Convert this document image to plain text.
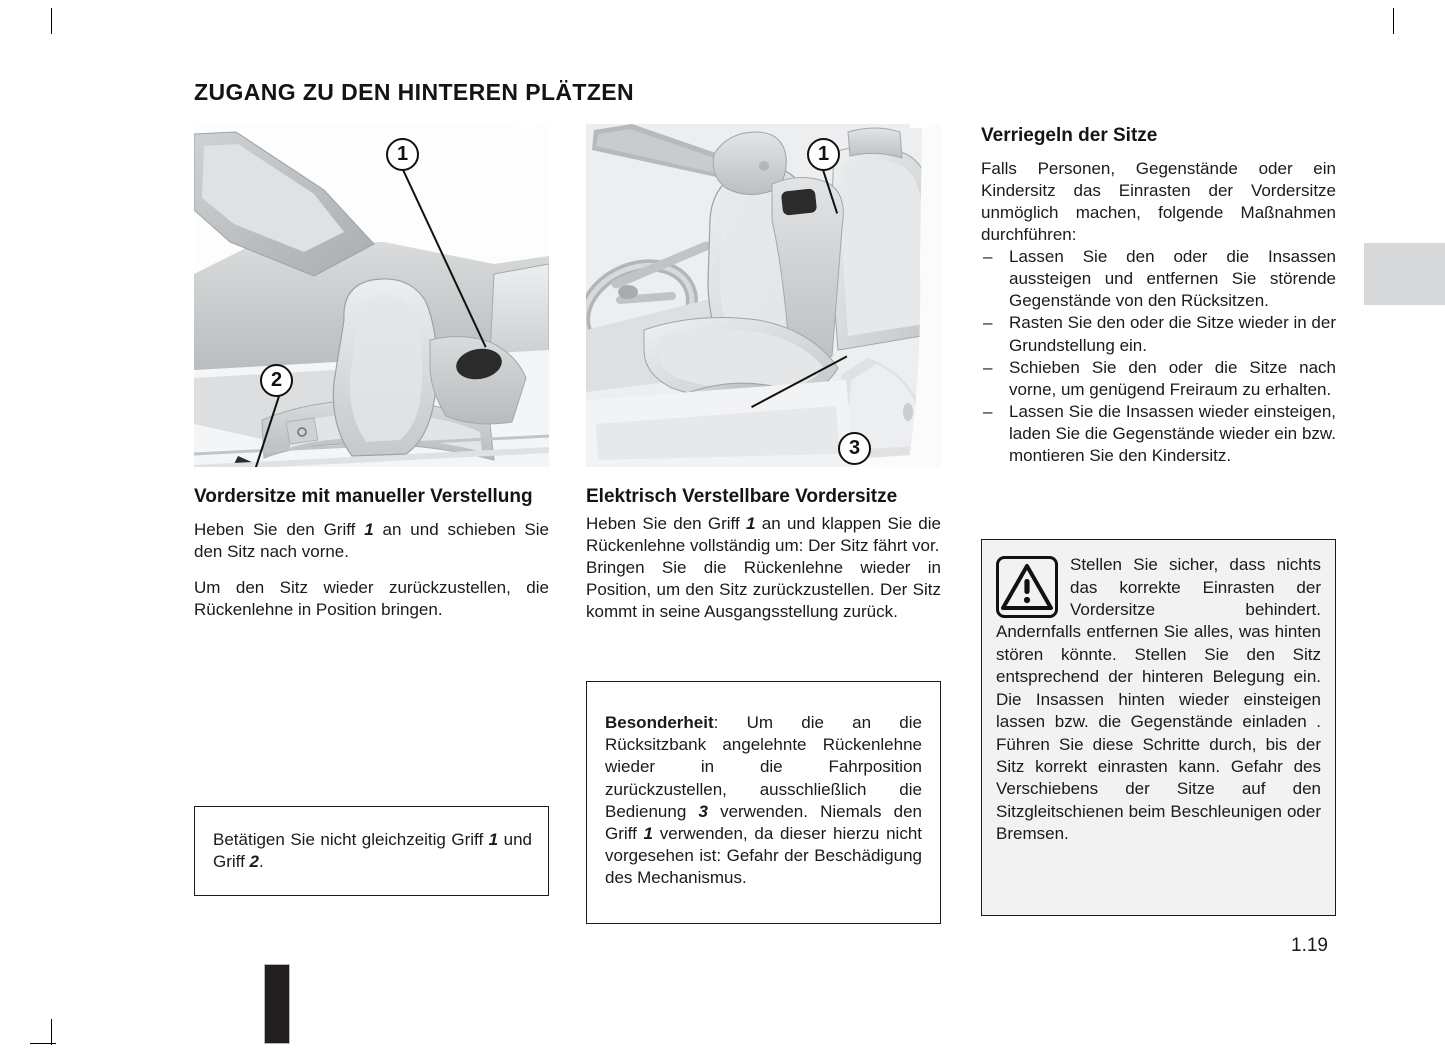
ZUGANG ZU DEN HINTEREN PLÄTZEN
1
2
Vordersitze mit manueller Verstellung

Heben Sie den Griff 1 an und schieben Sie den Sitz nach vorne.

Um den Sitz wieder zurückzustellen, die Rückenlehne in Position bringen.

Betätigen Sie nicht gleichzeitig Griff 1 und Griff 2.

1
3
Elektrisch Verstellbare Vordersitze

Heben Sie den Griff 1 an und klappen Sie die Rückenlehne vollständig um: Der Sitz fährt vor.

Bringen Sie die Rückenlehne wieder in Position, um den Sitz zurückzustellen. Der Sitz kommt in seine Ausgangsstellung zurück.

Besonderheit: Um die an die Rücksitzbank angelehnte Rückenlehne wieder in die Fahrposition zurückzustellen, ausschließlich die Bedienung 3 verwenden. Niemals den Griff 1 verwenden, da dieser hierzu nicht vorgesehen ist: Gefahr der Beschädigung des Mechanismus.

Verriegeln der Sitze

Falls Personen, Gegenstände oder ein Kindersitz das Einrasten der Vordersitze unmöglich machen, folgende Maßnahmen durchführen:

– Lassen Sie den oder die Insassen aussteigen und entfernen Sie störende Gegenstände von den Rücksitzen.
– Rasten Sie den oder die Sitze wieder in der Grundstellung ein.
– Schieben Sie den oder die Sitze nach vorne, um genügend Freiraum zu erhalten.
– Lassen Sie die Insassen wieder einsteigen, laden Sie die Gegenstände wieder ein bzw. montieren Sie den Kindersitz.

Stellen Sie sicher, dass nichts das korrekte Einrasten der Vordersitze behindert. Andernfalls entfernen Sie alles, was hinten stören könnte. Stellen Sie den Sitz entsprechend der hinteren Belegung ein. Die Insassen hinten wieder einsteigen lassen bzw. die Gegenstände einladen . Führen Sie diese Schritte durch, bis der Sitz korrekt einrasten kann. Gefahr des Verschiebens der Sitze auf den Sitzgleitschienen beim Beschleunigen oder Bremsen.

1.19
